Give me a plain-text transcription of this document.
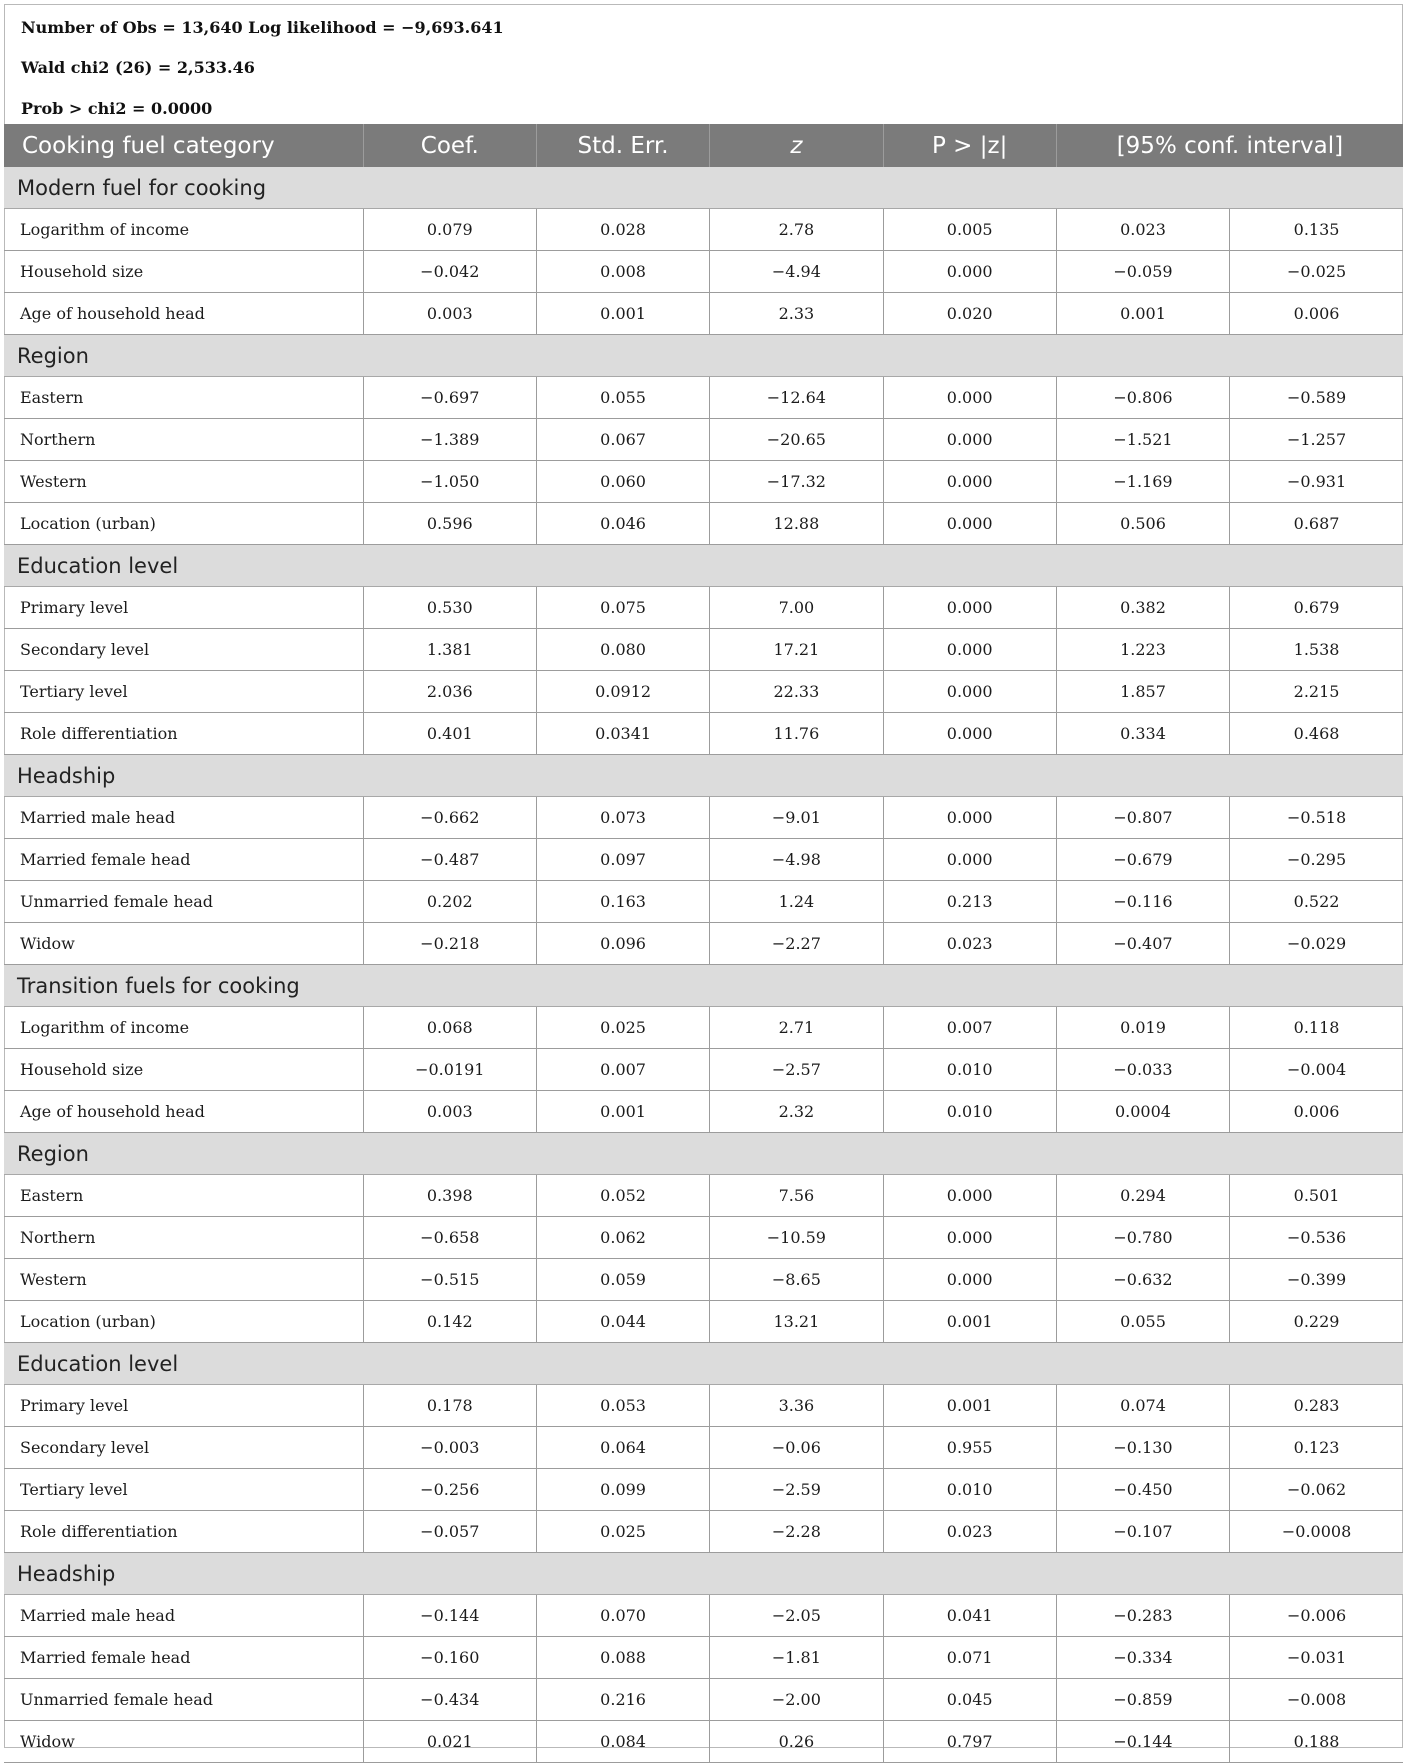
Number of Obs = 13,640 Log likelihood = −9,693.641
Wald chi2 (26) = 2,533.46
Prob > chi2 = 0.0000
Cooking fuel category	Coef.	Std. Err.	z	P > |z|	[95% conf. interval]	
Modern fuel for cooking						
Logarithm of income	0.079	0.028	2.78	0.005	0.023	0.135
Household size	−0.042	0.008	−4.94	0.000	−0.059	−0.025
Age of household head	0.003	0.001	2.33	0.020	0.001	0.006
Region						
Eastern	−0.697	0.055	−12.64	0.000	−0.806	−0.589
Northern	−1.389	0.067	−20.65	0.000	−1.521	−1.257
Western	−1.050	0.060	−17.32	0.000	−1.169	−0.931
Location (urban)	0.596	0.046	12.88	0.000	0.506	0.687
Education level						
Primary level	0.530	0.075	7.00	0.000	0.382	0.679
Secondary level	1.381	0.080	17.21	0.000	1.223	1.538
Tertiary level	2.036	0.0912	22.33	0.000	1.857	2.215
Role differentiation	0.401	0.0341	11.76	0.000	0.334	0.468
Headship						
Married male head	−0.662	0.073	−9.01	0.000	−0.807	−0.518
Married female head	−0.487	0.097	−4.98	0.000	−0.679	−0.295
Unmarried female head	0.202	0.163	1.24	0.213	−0.116	0.522
Widow	−0.218	0.096	−2.27	0.023	−0.407	−0.029
Transition fuels for cooking						
Logarithm of income	0.068	0.025	2.71	0.007	0.019	0.118
Household size	−0.0191	0.007	−2.57	0.010	−0.033	−0.004
Age of household head	0.003	0.001	2.32	0.010	0.0004	0.006
Region						
Eastern	0.398	0.052	7.56	0.000	0.294	0.501
Northern	−0.658	0.062	−10.59	0.000	−0.780	−0.536
Western	−0.515	0.059	−8.65	0.000	−0.632	−0.399
Location (urban)	0.142	0.044	13.21	0.001	0.055	0.229
Education level						
Primary level	0.178	0.053	3.36	0.001	0.074	0.283
Secondary level	−0.003	0.064	−0.06	0.955	−0.130	0.123
Tertiary level	−0.256	0.099	−2.59	0.010	−0.450	−0.062
Role differentiation	−0.057	0.025	−2.28	0.023	−0.107	−0.0008
Headship						
Married male head	−0.144	0.070	−2.05	0.041	−0.283	−0.006
Married female head	−0.160	0.088	−1.81	0.071	−0.334	−0.031
Unmarried female head	−0.434	0.216	−2.00	0.045	−0.859	−0.008
Widow	0.021	0.084	0.26	0.797	−0.144	0.188
